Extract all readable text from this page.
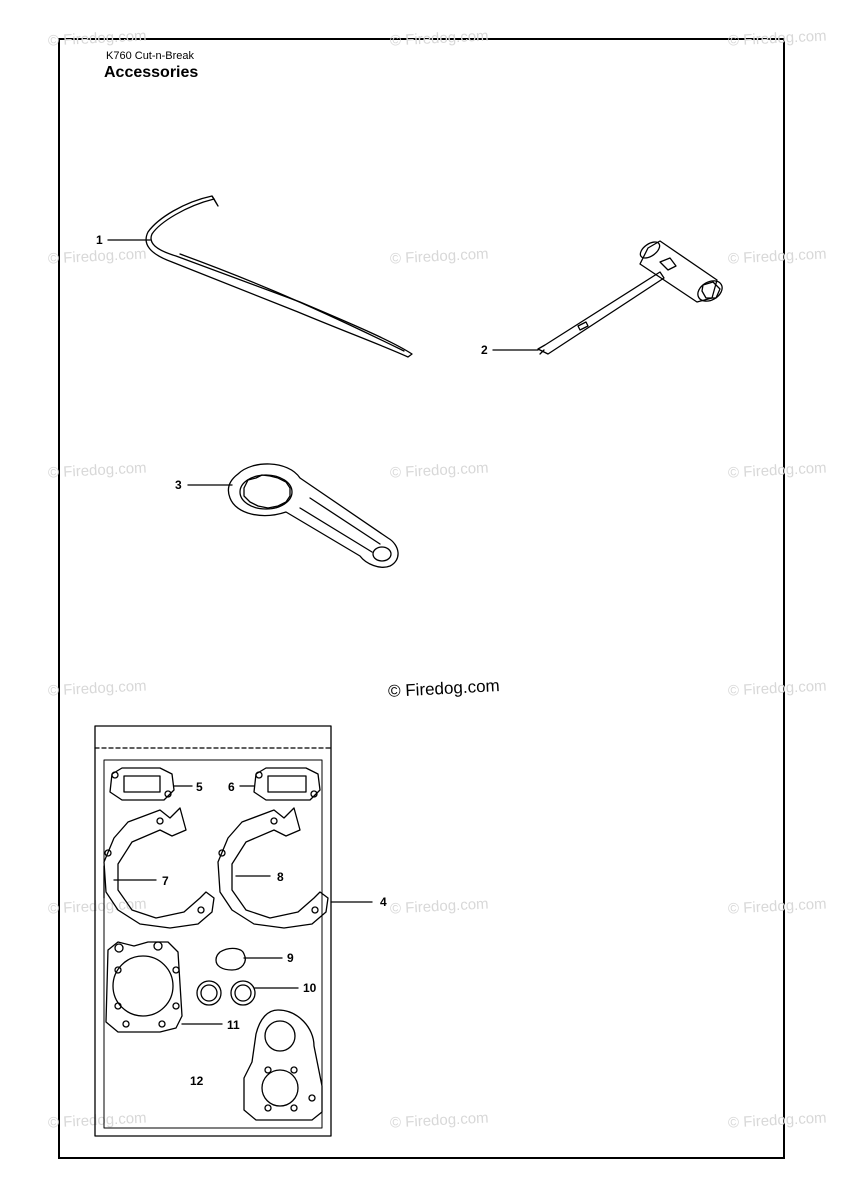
K760 Cut-n-Break
Accessories
© Firedog.com	© Firedog.com	© Firedog.com
© Firedog.com	© Firedog.com	© Firedog.com
© Firedog.com	© Firedog.com	© Firedog.com
© Firedog.com	© Firedog.com
© Firedog.com	© Firedog.com	© Firedog.com
© Firedog.com	© Firedog.com	© Firedog.com
© Firedog.com
1
2
3
4
5 6
7	8
9
10
11
12
